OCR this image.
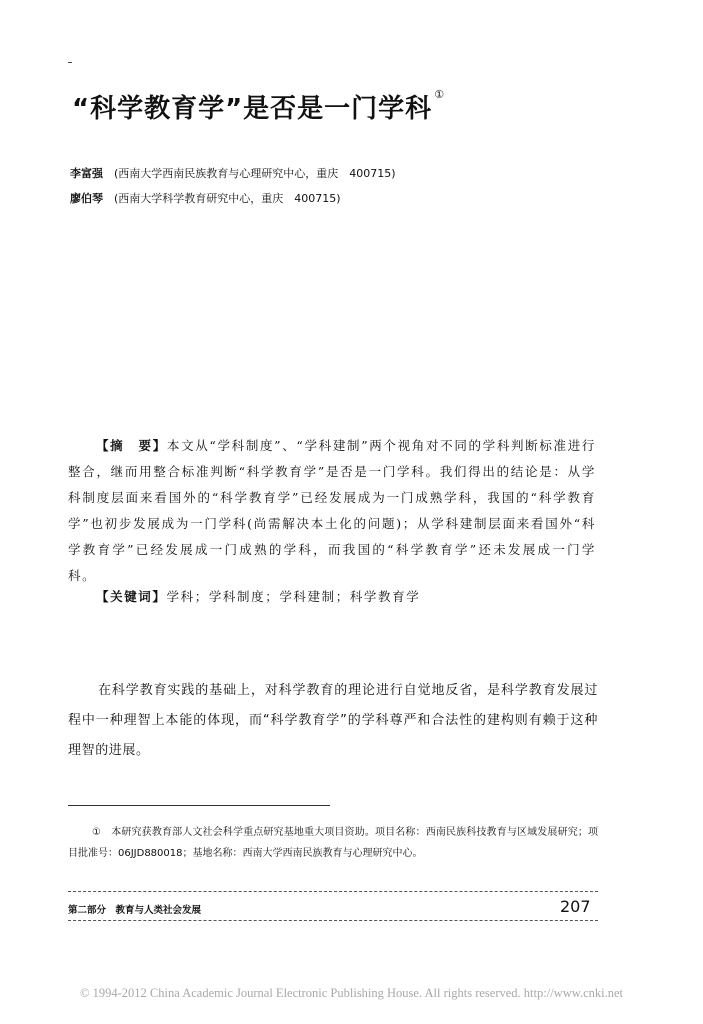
“科学教育学”是否是一门学科 ①
李富强 (西南大学西南民族教育与心理研究中心，重庆　400715)
廖伯琴 (西南大学科学教育研究中心，重庆　400715)
【摘　要】本文从“学科制度”、“学科建制”两个视角对不同的学科判断标准进行整合，继而用整合标准判断“科学教育学”是否是一门学科。我们得出的结论是：从学科制度层面来看国外的“科学教育学”已经发展成为一门成熟学科，我国的“科学教育学”也初步发展成为一门学科(尚需解决本土化的问题)；从学科建制层面来看国外“科学教育学”已经发展成一门成熟的学科，而我国的“科学教育学”还未发展成一门学科。
【关键词】学科；学科制度；学科建制；科学教育学
在科学教育实践的基础上，对科学教育的理论进行自觉地反省，是科学教育发展过程中一种理智上本能的体现，而“科学教育学”的学科尊严和合法性的建构则有赖于这种理智的进展。
①　本研究获教育部人文社会科学重点研究基地重大项目资助。项目名称：西南民族科技教育与区域发展研究；项目批准号：06JJD880018；基地名称：西南大学西南民族教育与心理研究中心。
第二部分　教育与人类社会发展	207
© 1994-2012 China Academic Journal Electronic Publishing House. All rights reserved. http://www.cnki.net
